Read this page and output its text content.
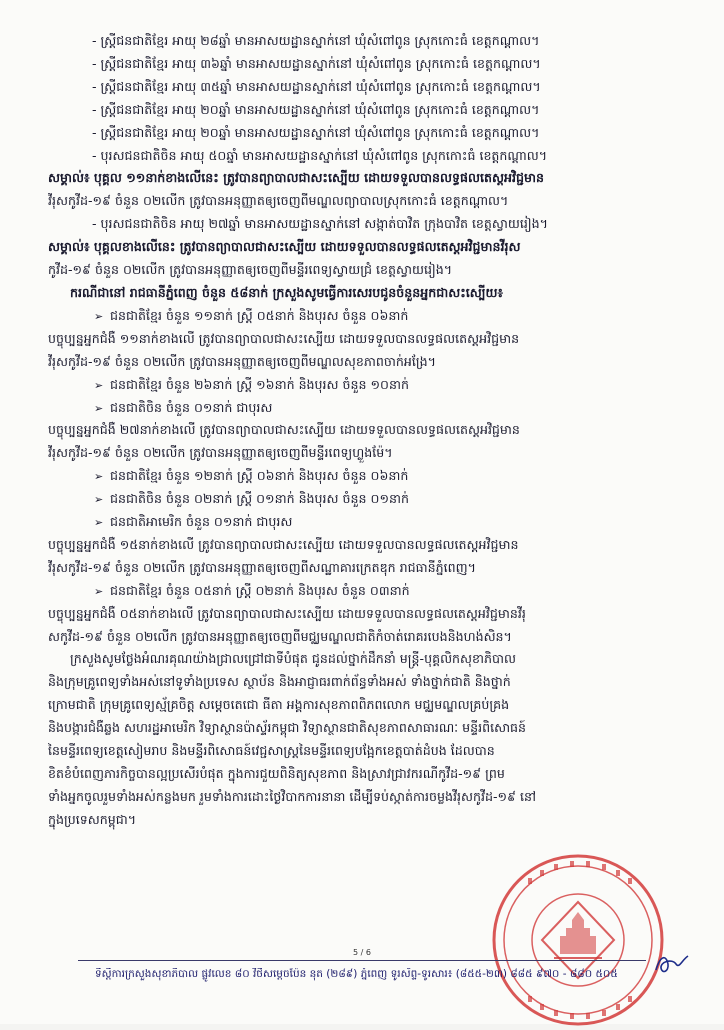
- ស្រ្តីជនជាតិខ្មែរ អាយុ ២៨ឆ្នាំ មានអាសយដ្ឋានស្នាក់នៅ ឃុំសំពៅពូន ស្រុកកោះធំ ខេត្តកណ្តាល។
- ស្រ្តីជនជាតិខ្មែរ អាយុ ៣៦ឆ្នាំ មានអាសយដ្ឋានស្នាក់នៅ ឃុំសំពៅពូន ស្រុកកោះធំ ខេត្តកណ្តាល។
- ស្រ្តីជនជាតិខ្មែរ អាយុ ៣៥ឆ្នាំ មានអាសយដ្ឋានស្នាក់នៅ ឃុំសំពៅពូន ស្រុកកោះធំ ខេត្តកណ្តាល។
- ស្រ្តីជនជាតិខ្មែរ អាយុ ២០ឆ្នាំ មានអាសយដ្ឋានស្នាក់នៅ ឃុំសំពៅពូន ស្រុកកោះធំ ខេត្តកណ្តាល។
- ស្រ្តីជនជាតិខ្មែរ អាយុ ២០ឆ្នាំ មានអាសយដ្ឋានស្នាក់នៅ ឃុំសំពៅពូន ស្រុកកោះធំ ខេត្តកណ្តាល។
- បុរសជនជាតិចិន អាយុ ៥០ឆ្នាំ មានអាសយដ្ឋានស្នាក់នៅ ឃុំសំពៅពូន ស្រុកកោះធំ ខេត្តកណ្តាល។
សម្គាល់៖ បុគ្គល ១១នាក់ខាងលើនេះ ត្រូវបានព្យាបាលជាសះស្បើយ ដោយទទួលបានលទ្ធផលតេស្តអវិជ្ជមាន
វីរុសកូវីដ-១៩ ចំនួន ០២លើក ត្រូវបានអនុញ្ញាតឲ្យចេញពីមណ្ឌលព្យាបាលស្រុកកោះធំ ខេត្តកណ្តាល។
- បុរសជនជាតិចិន អាយុ ២៧ឆ្នាំ មានអាសយដ្ឋានស្នាក់នៅ សង្កាត់បាវិត ក្រុងបាវិត ខេត្តស្វាយរៀង។
សម្គាល់៖ បុគ្គលខាងលើនេះ ត្រូវបានព្យាបាលជាសះស្បើយ ដោយទទួលបានលទ្ធផលតេស្តអវិជ្ជមានវីរុស
កូវីដ-១៩ ចំនួន ០២លើក ត្រូវបានអនុញ្ញាតឲ្យចេញពីមន្ទីរពេទ្យស្វាយជ្រំ ខេត្តស្វាយរៀង។
ករណីជានៅ រាជធានីភ្នំពេញ ចំនួន ៥៨នាក់ ក្រសួងសូមធ្វើការសេរបជូនចំនួនអ្នកជាសះស្បើយ៖
➢ ជនជាតិខ្មែរ ចំនួន ១១នាក់ ស្រ្តី ០៥នាក់ និងបុរស ចំនួន ០៦នាក់
បច្ចុប្បន្នអ្នកជំងឺ ១១នាក់ខាងលើ ត្រូវបានព្យាបាលជាសះស្បើយ ដោយទទួលបានលទ្ធផលតេស្តអវិជ្ជមាន
វីរុសកូវីដ-១៩ ចំនួន ០២លើក ត្រូវបានអនុញ្ញាតឲ្យចេញពីមណ្ឌលសុខភាពចាក់អង្រែ។
➢ ជនជាតិខ្មែរ ចំនួន ២៦នាក់ ស្រ្តី ១៦នាក់ និងបុរស ចំនួន ១០នាក់
➢ ជនជាតិចិន ចំនួន ០១នាក់ ជាបុរស
បច្ចុប្បន្នអ្នកជំងឺ ២៧នាក់ខាងលើ ត្រូវបានព្យាបាលជាសះស្បើយ ដោយទទួលបានលទ្ធផលតេស្តអវិជ្ជមាន
វីរុសកូវីដ-១៩ ចំនួន ០២លើក ត្រូវបានអនុញ្ញាតឲ្យចេញពីមន្ទីរពេទ្យហ្លួងម៉ែ។
➢ ជនជាតិខ្មែរ ចំនួន ១២នាក់ ស្រ្តី ០៦នាក់ និងបុរស ចំនួន ០៦នាក់
➢ ជនជាតិចិន ចំនួន ០២នាក់ ស្រ្តី ០១នាក់ និងបុរស ចំនួន ០១នាក់
➢ ជនជាតិអាមេរិក ចំនួន ០១នាក់ ជាបុរស
បច្ចុប្បន្នអ្នកជំងឺ ១៥នាក់ខាងលើ ត្រូវបានព្យាបាលជាសះស្បើយ ដោយទទួលបានលទ្ធផលតេស្តអវិជ្ជមាន
វីរុសកូវីដ-១៩ ចំនួន ០២លើក ត្រូវបានអនុញ្ញាតឲ្យចេញពីសណ្ឋាគារក្រេតឌុក រាជធានីភ្នំពេញ។
➢ ជនជាតិខ្មែរ ចំនួន ០៥នាក់ ស្រ្តី ០២នាក់ និងបុរស ចំនួន ០៣នាក់
បច្ចុប្បន្នអ្នកជំងឺ ០៥នាក់ខាងលើ ត្រូវបានព្យាបាលជាសះស្បើយ ដោយទទួលបានលទ្ធផលតេស្តអវិជ្ជមានវីរុ
សកូវីដ-១៩ ចំនួន ០២លើក ត្រូវបានអនុញ្ញាតឲ្យចេញពីមជ្ឈមណ្ឌលជាតិកំចាត់រោគរបេងនិងហង់សិន។
ក្រសួងសូមថ្លែងអំណរគុណយ៉ាងជ្រាលជ្រៅជាទីបំផុត ជូនដល់ថ្នាក់ដឹកនាំ មន្រ្តី-បុគ្គលិកសុខាភិបាល
និងក្រុមគ្រូពេទ្យទាំងអស់នៅទូទាំងប្រទេស ស្ថាប័ន និងអាជ្ញាធរពាក់ព័ន្ធទាំងអស់ ទាំងថ្នាក់ជាតិ និងថ្នាក់
ក្រោមជាតិ ក្រុមគ្រូពេទ្យស្ម័គ្រចិត្ត សម្តេចតេជោ ធីតា អង្គការសុខភាពពិភពលោក មជ្ឈមណ្ឌលគ្រប់គ្រង
និងបង្ការជំងឺឆ្លង សហរដ្ឋអាមេរិក វិទ្យាស្ថានប៉ាស្ទ័រកម្ពុជា វិទ្យាស្ថានជាតិសុខភាពសាធារណៈ មន្ទីរពិសោធន៍
នៃមន្ទីរពេទ្យខេត្តសៀមរាប និងមន្ទីរពិសោធន៍វេជ្ជសាស្រ្តនៃមន្ទីរពេទ្យបង្អែកខេត្តបាត់ដំបង ដែលបាន
ខិតខំបំពេញភារកិច្ចបានល្អប្រសើរបំផុត ក្នុងការជួយពិនិត្យសុខភាព និងស្រាវជ្រាវករណីកូវីដ-១៩ ព្រម
ទាំងអ្នកចូលរួមទាំងអស់កន្លងមក រួមទាំងការដោះថ្ងៃវិបាកការនានា ដើម្បីទប់ស្កាត់ការចម្លងវីរុសកូវីដ-១៩ នៅ
ក្នុងប្រទេសកម្ពុជា។
5 / 6
ទីស្តីការក្រសួងសុខាភិបាល ផ្លូវលេខ ៨០ វិថីសម្តេចប៉ែន នុត (២៨៩) ភ្នំពេញ ទូរស័ព្ទ-ទូរសារ៖ (៨៥៥-២៣) ៨៨៥ ៩៧០ - ៨៨០ ៥០៥
